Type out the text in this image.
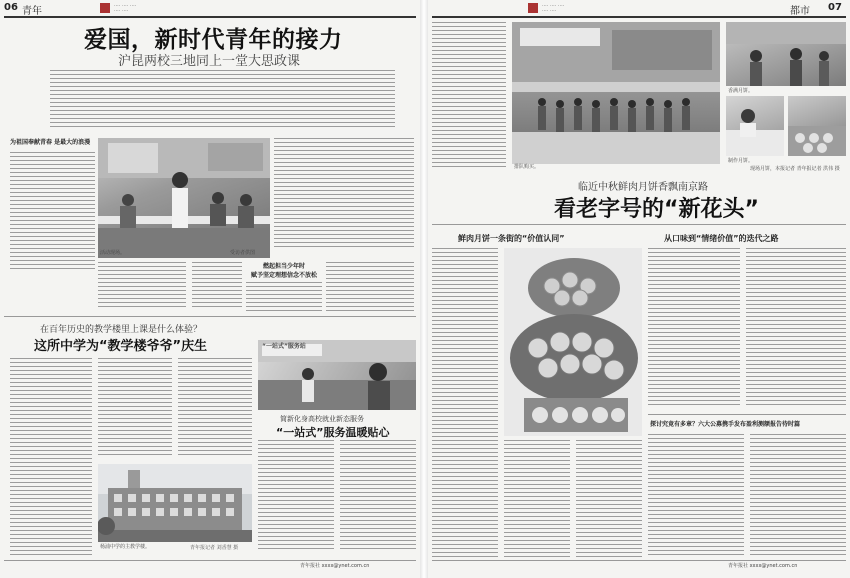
06 青年	···· ···· ····
···· ····
爱国，新时代青年的接力
沪昆两校三地同上一堂大思政课
为祖国奉献青春 是最大的浪漫
活动现场。	受访者供图
燃起担当少年时
赋予坚定理想信念不放松
在百年历史的教学楼里上课是什么体验？
这所中学为“教学楼爷爷”庆生	“一站式”服务站
简新化身高校就业新态服务
“一站式”服务温暖贴心
杨浦中学的主教学楼。	青年报记者 刘香慧 摄
青年报社 xxxx@ynet.com.cn
···· ···· ····
···· ····	都市 07
排队购买。
香满月饼。
制作月饼。
现场月饼，本报记者 青年报记者 洪伟 摄
临近中秋鲜肉月饼香飘南京路
看老字号的“新花头”
鲜肉月饼一条街的“价值认同”	从口味到“情绪价值”的迭代之路
探讨究竟有多章？六大公募携手发布盈利测额报告待时篇
青年报社 xxxx@ynet.com.cn
